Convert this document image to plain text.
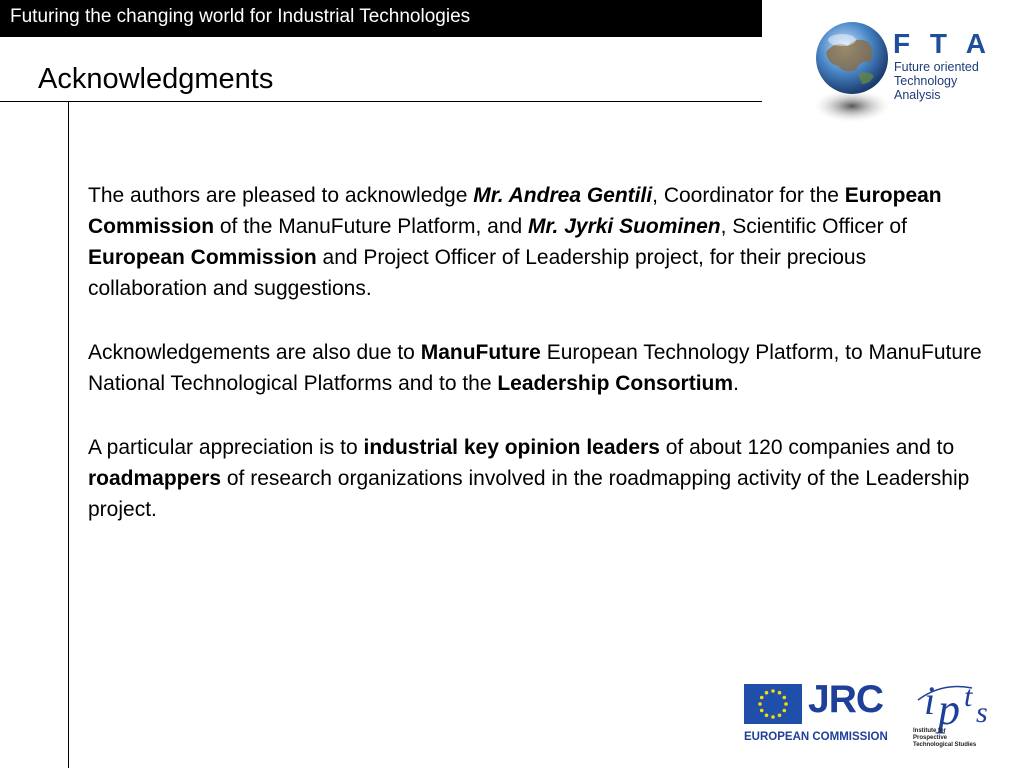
Futuring the changing world for Industrial Technologies
Acknowledgments
F T A
Future oriented
Technology
Analysis

The authors are pleased to acknowledge Mr. Andrea Gentili, Coordinator for the European Commission of the ManuFuture Platform, and Mr. Jyrki Suominen, Scientific Officer of European Commission and Project Officer of Leadership project, for their precious collaboration and suggestions.

Acknowledgements are also due to ManuFuture European Technology Platform, to ManuFuture National Technological Platforms and to the Leadership Consortium.

A particular appreciation is to industrial key opinion leaders of about 120 companies and to roadmappers of research organizations involved in the roadmapping activity of the Leadership project.

JRC
EUROPEAN COMMISSION
i p t s
Institute for
Prospective
Technological Studies
